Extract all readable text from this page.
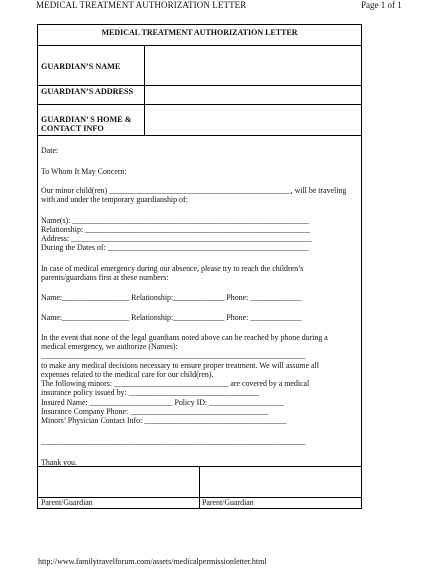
MEDICAL TREATMENT AUTHORIZATION LETTER	Page 1 of 1
MEDICAL TREATMENT AUTHORIZATION LETTER
GUARDIAN’S NAME
GUARDIAN’S ADDRESS
GUARDIAN’ S HOME & CONTACT INFO
Date:
To Whom It May Concern:
Our minor child(ren) ______________________________________________, will be traveling
with and under the temporary guardianship of:
Name(s): ____________________________________________________________
Relationship: _________________________________________________________
Address: _____________________________________________________________
During the Dates of: ___________________________________________________
In case of medical emergency during our absence, please try to reach the children’s
parents/guardians first at these numbers:
Name:_________________ Relationship:_____________ Phone: _____________
Name:_________________ Relationship:_____________ Phone: _____________
In the event that none of the legal guardians noted above can be reached by phone during a
medical emergency, we authorize (Names):
___________________________________________________________________
to make any medical decisions necessary to ensure proper treatment. We will assume all
expenses related to the medical care for our child(ren).
The following minors: _____________________________ are covered by a medical
insurance policy issued by: _________________________________
Insured Name: _____________________ Policy ID: ___________________
Insurance Company Phone: ___________________________________
Minors’ Physician Contact Info: ____________________________________
___________________________________________________________________
Thank you.
Parent/Guardian	Parent/Guardian
http://www.familytravelforum.com/assets/medicalpermissionletter.html
